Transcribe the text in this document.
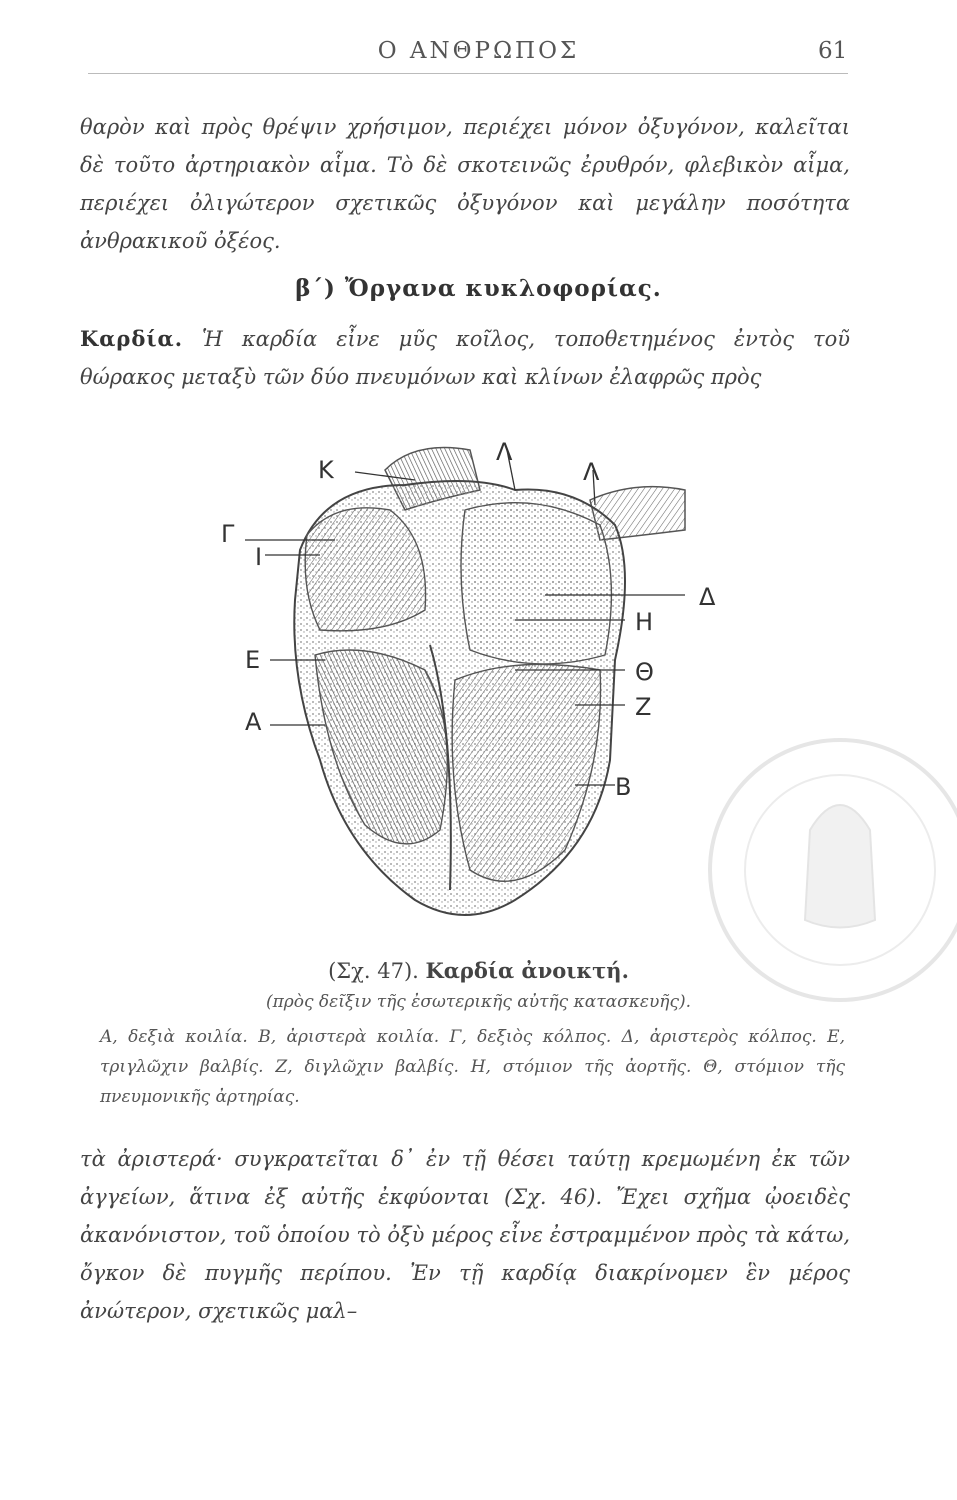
Ο ΑΝΘΡΩΠΟΣ	61

θαρὸν καὶ πρὸς θρέψιν χρήσιμον, περιέχει μόνον ὀξυγόνον, καλεῖται δὲ τοῦτο ἀρτηριακὸν αἷμα. Τὸ δὲ σκοτεινῶς ἐρυθρόν, φλεβικὸν αἷμα, περιέχει ὀλιγώτερον σχετικῶς ὀξυγόνον καὶ μεγάλην ποσότητα ἀνθρακικοῦ ὀξέος.

β´) Ὄργανα κυκλοφορίας.

Καρδία. Ἡ καρδία εἶνε μῦς κοῖλος, τοποθετημένος ἐντὸς τοῦ θώρακος μεταξὺ τῶν δύο πνευμόνων καὶ κλίνων ἐλαφρῶς πρὸς

Κ
Λ
Λ
Γ
Ι
Δ
Η
Ε	Θ
Α
Ζ
Β
(Σχ. 47). Καρδία ἀνοικτή.
(πρὸς δεῖξιν τῆς ἐσωτερικῆς αὐτῆς κατασκευῆς).

Α, δεξιὰ κοιλία. Β, ἀριστερὰ κοιλία. Γ, δεξιὸς κόλπος. Δ, ἀριστερὸς κόλπος. Ε, τριγλῶχιν βαλβίς. Ζ, διγλῶχιν βαλβίς. Η, στόμιον τῆς ἀορτῆς. Θ, στόμιον τῆς πνευμονικῆς ἀρτηρίας.

τὰ ἀριστερά· συγκρατεῖται δ᾽ ἐν τῇ θέσει ταύτῃ κρεμωμένη ἐκ τῶν ἀγγείων, ἅτινα ἐξ αὐτῆς ἐκφύονται (Σχ. 46). Ἔχει σχῆμα ᾠοειδὲς ἀκανόνιστον, τοῦ ὁποίου τὸ ὀξὺ μέρος εἶνε ἐστραμμένον πρὸς τὰ κάτω, ὄγκον δὲ πυγμῆς περίπου. Ἐν τῇ καρδίᾳ διακρίνομεν ἓν μέρος ἀνώτερον, σχετικῶς μαλ–
